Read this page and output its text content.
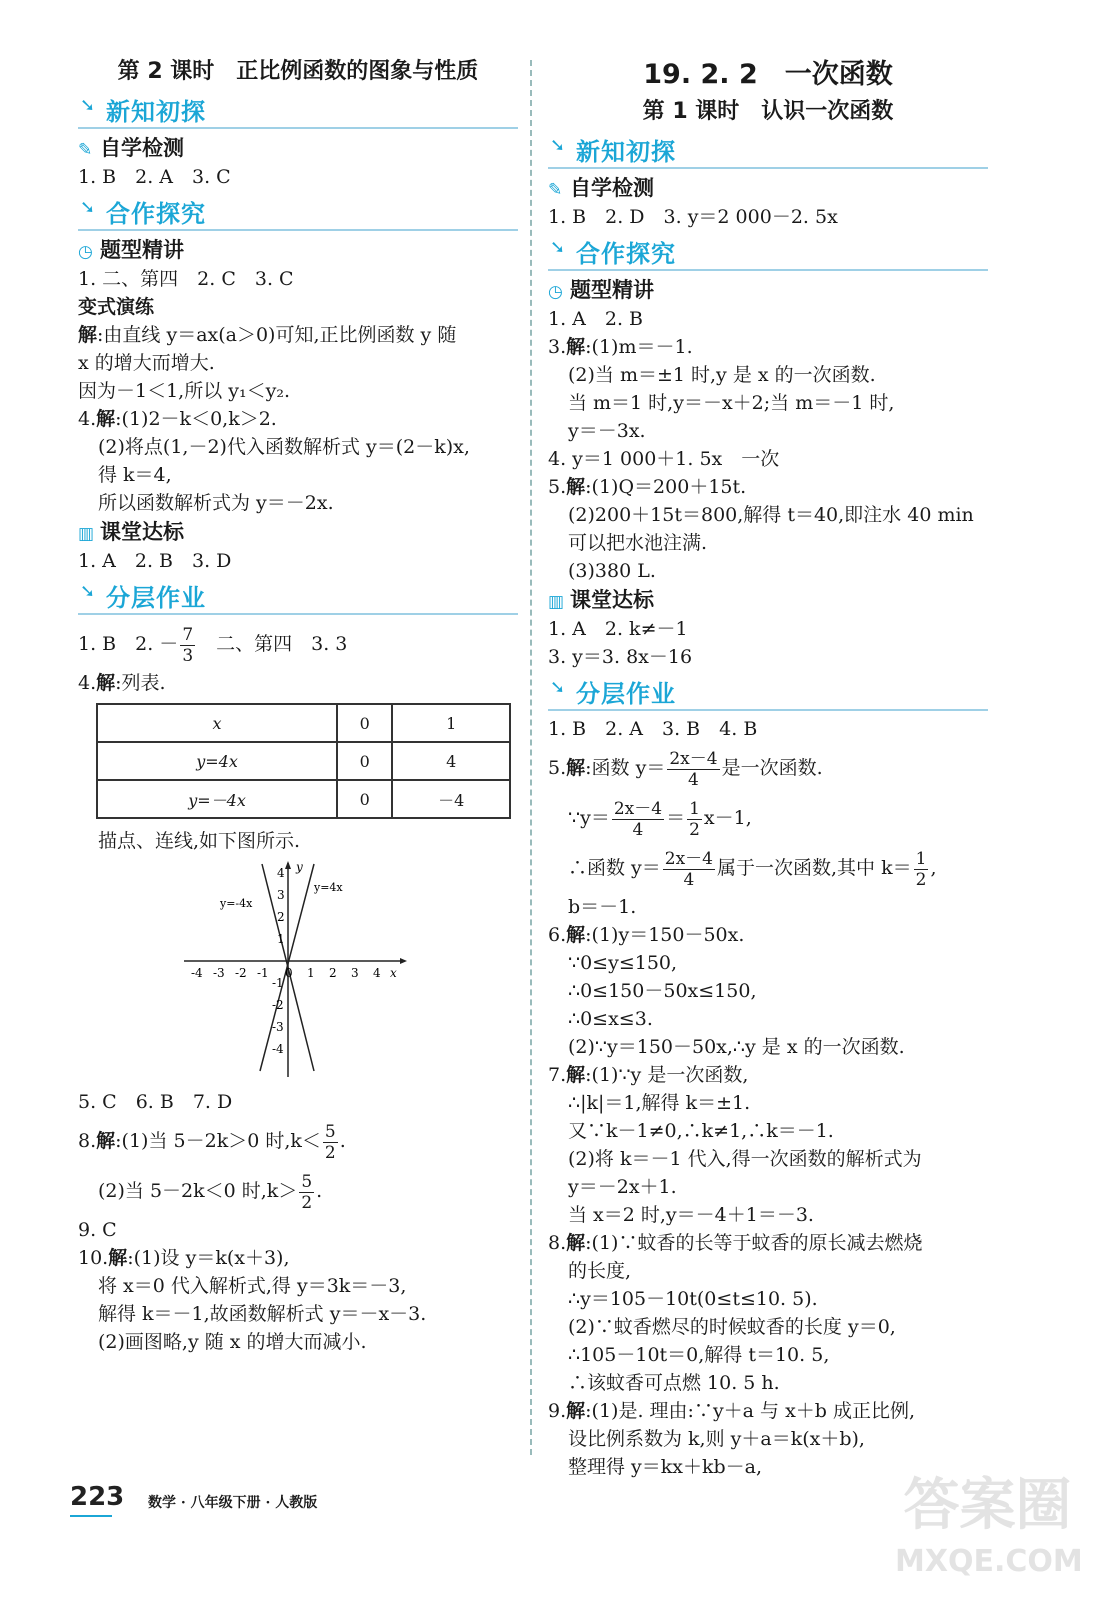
第 2 课时　正比例函数的图象与性质
➘ 新知初探
✎ 自学检测
1. B　2. A　3. C
➘ 合作探究
◷ 题型精讲
1. 二、第四　2. C　3. C
变式演练
解:由直线 y＝ax(a＞0)可知,正比例函数 y 随
x 的增大而增大.
因为－1＜1,所以 y₁＜y₂.
4.解:(1)2－k＜0,k＞2.
(2)将点(1,－2)代入函数解析式 y＝(2－k)x,
得 k＝4,
所以函数解析式为 y＝－2x.
▥ 课堂达标
1. A　2. B　3. D
➘ 分层作业
1. B　2. － $\frac{7}{3}$ 　二、第四　3. 3
4.解:列表.
x	0	1
y=4x	0	4
y=－4x	0	－4
描点、连线,如下图所示.
y
x
y=4x
y=-4x
-4 -3 -2 -1 0 1 2 3 4
4
3
2
1
-1
-2
-3
-4
5. C　6. B　7. D
8.解:(1)当 5－2k＞0 时$,k< \frac{5}{2}$ .
(2)当 5－2k＜0 时$,k> \frac{5}{2}$ .
9. C
10.解:(1)设 y＝k(x＋3),
将 x＝0 代入解析式,得 y＝3k＝－3,
解得 k＝－1,故函数解析式 y＝－x－3.
(2)画图略,y 随 x 的增大而减小.
19. 2. 2　一次函数
第 1 课时　认识一次函数
➘ 新知初探
✎ 自学检测
1. B　2. D　3. y＝2 000－2. 5x
➘ 合作探究
◷ 题型精讲
1. A　2. B
3.解:(1)m＝－1.
(2)当 m＝±1 时,y 是 x 的一次函数.
当 m＝1 时,y＝－x＋2;当 m＝－1 时,
y＝－3x.
4. y＝1 000＋1. 5x　一次
5.解:(1)Q＝200＋15t.
(2)200＋15t＝800,解得 t＝40,即注水 40 min
可以把水池注满.
(3)380 L.
▥ 课堂达标
1. A　2. k≠－1
3. y＝3. 8x－16
➘ 分层作业
1. B　2. A　3. B　4. B
5.解:函数 $y= \frac{2x-4}{4}$ 是一次函数.
∵y＝ $\frac{2x-4}{4} = \frac{1}{2} x-1$,
∴函数 $y= \frac{2x-4}{4}$ 属于一次函数,其中 $k= \frac{1}{2}$ ,
b＝－1.
6.解:(1)y＝150－50x.
∵0≤y≤150,
∴0≤150－50x≤150,
∴0≤x≤3.
(2)∵y＝150－50x,∴y 是 x 的一次函数.
7.解:(1)∵y 是一次函数,
∴|k|＝1,解得 k＝±1.
又∵k－1≠0,∴k≠1,∴k＝－1.
(2)将 k＝－1 代入,得一次函数的解析式为
y＝－2x＋1.
当 x＝2 时,y＝－4＋1＝－3.
8.解:(1)∵蚊香的长等于蚊香的原长减去燃烧
的长度,
∴y＝105－10t(0≤t≤10. 5).
(2)∵蚊香燃尽的时候蚊香的长度 y＝0,
∴105－10t＝0,解得 t＝10. 5,
∴该蚊香可点燃 10. 5 h.
9.解:(1)是. 理由:∵y＋a 与 x＋b 成正比例,
设比例系数为 k,则 y＋a＝k(x＋b),
整理得 y＝kx＋kb－a,
223 数学 · 八年级下册 · 人教版	答案圈
MXQE.COM
